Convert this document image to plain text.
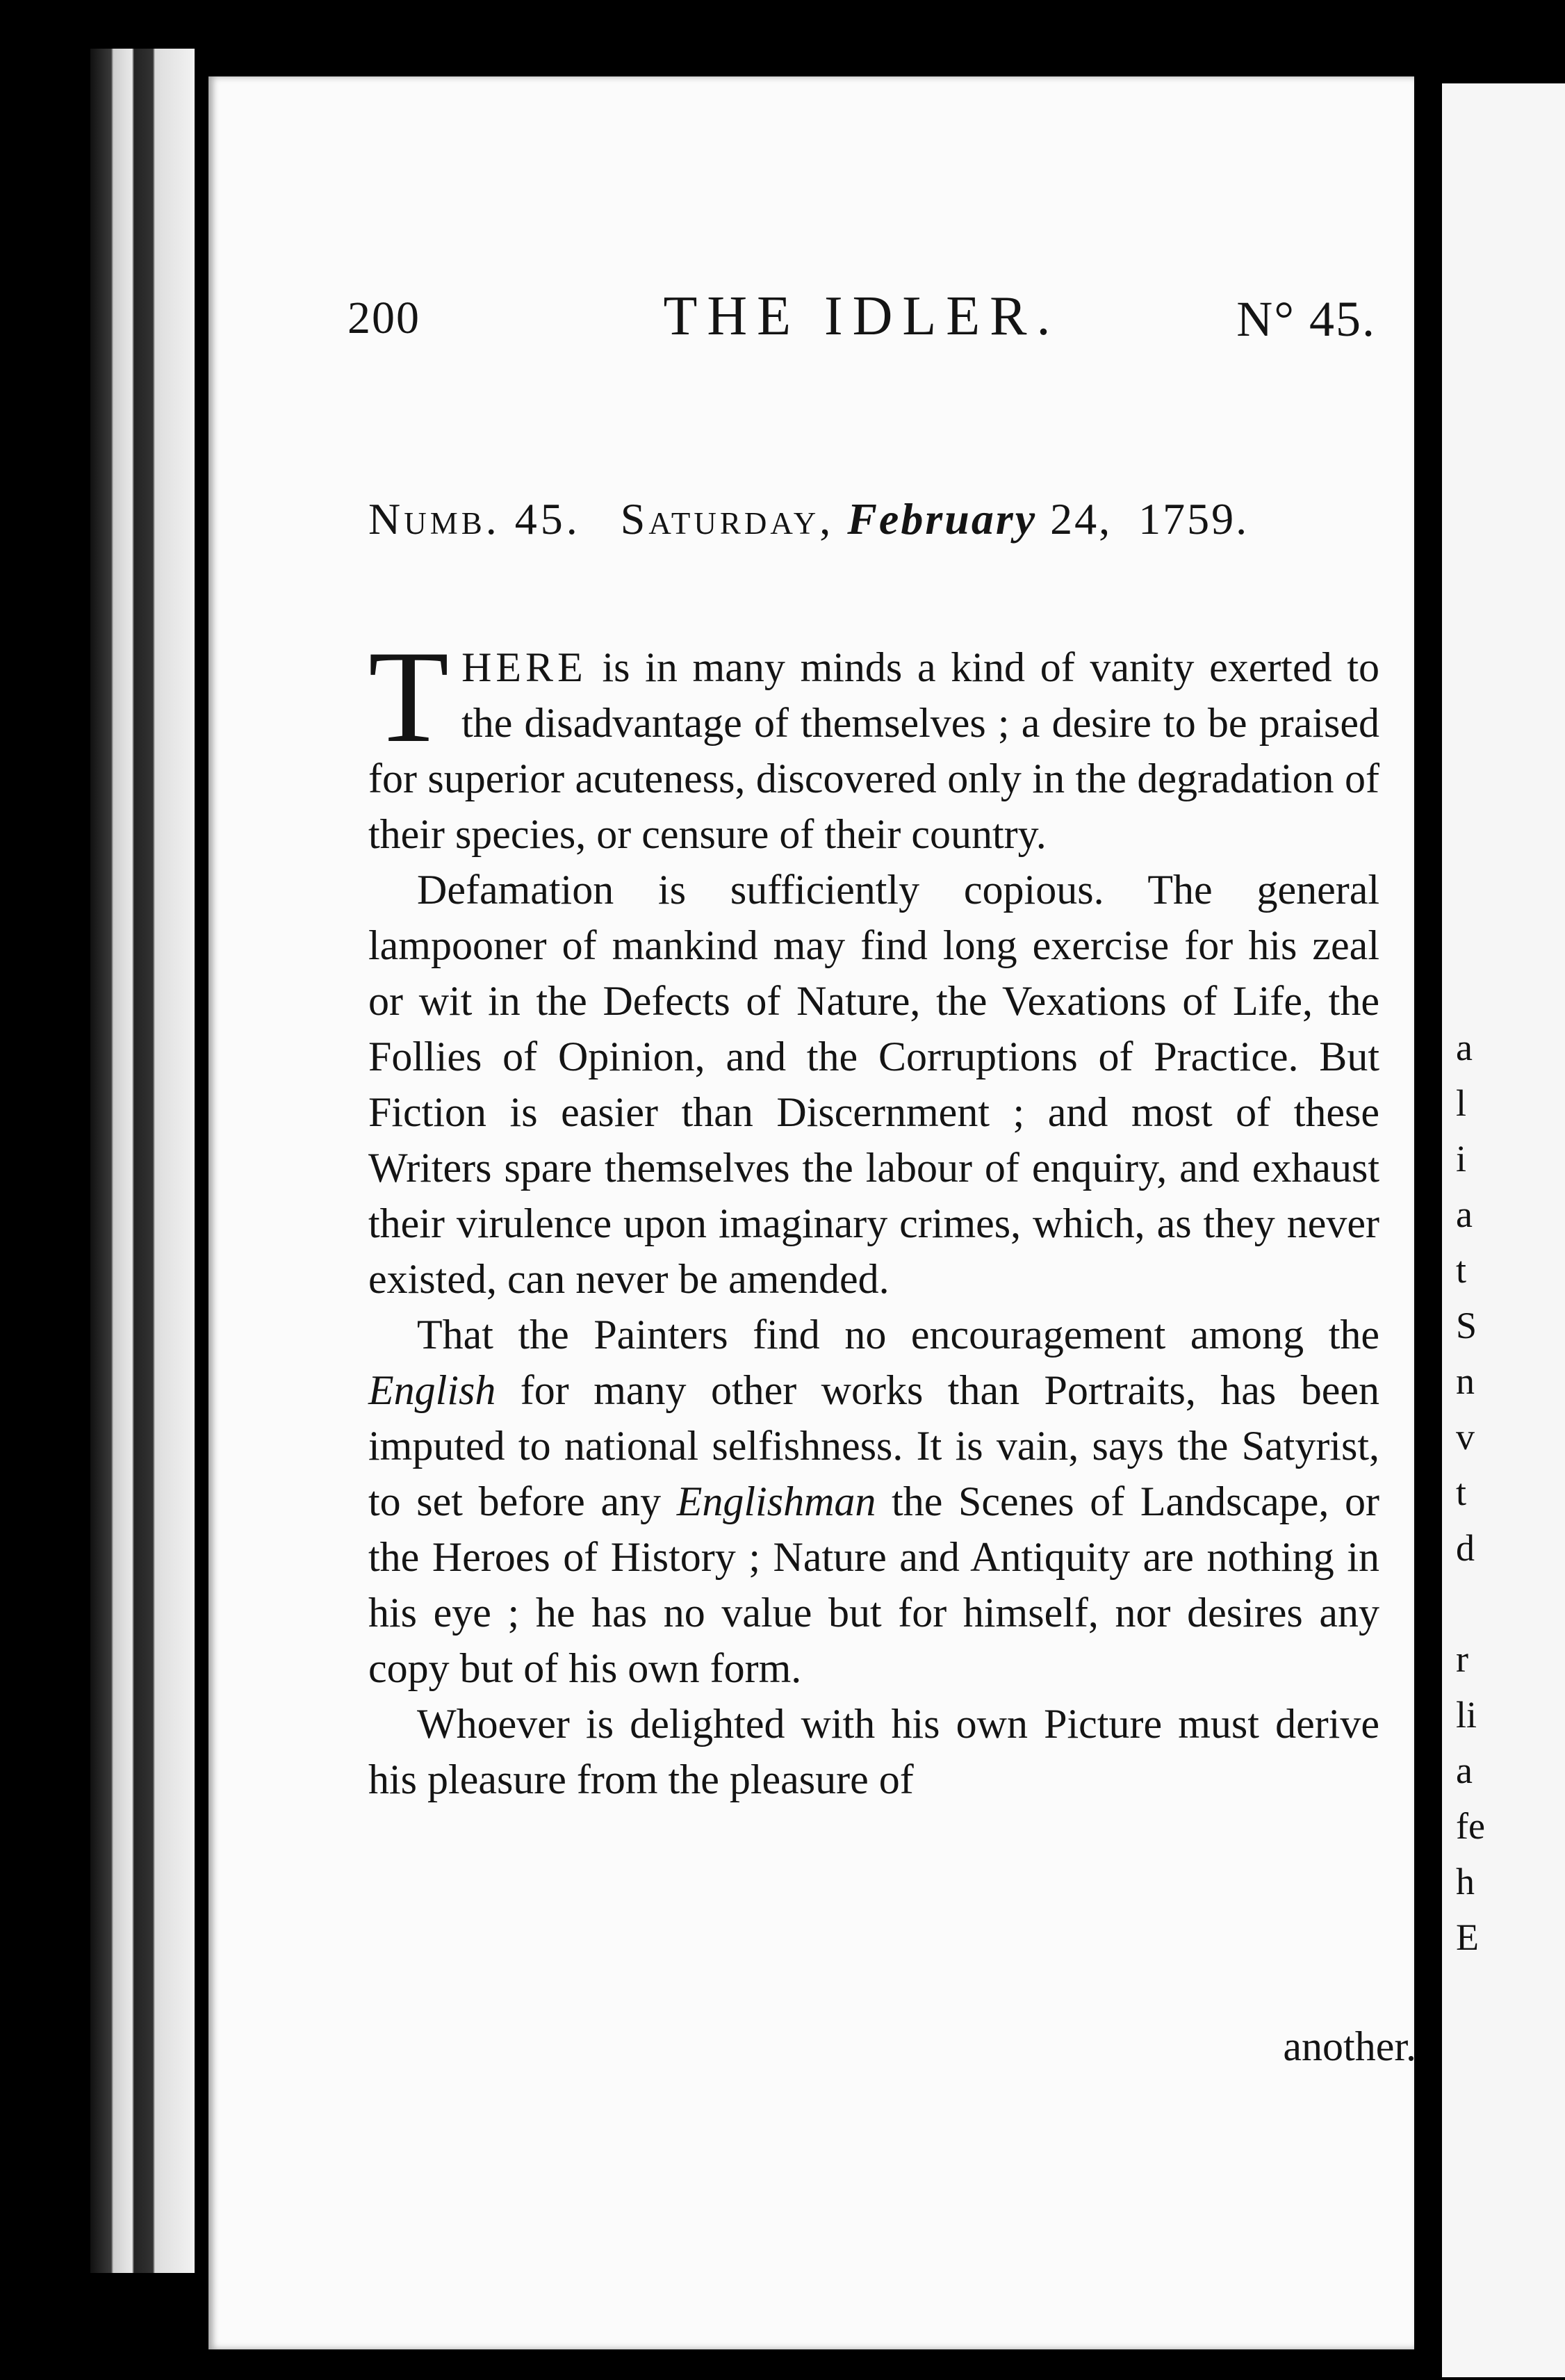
200	THE IDLER.	N° 45.
Numb. 45. Saturday, February 24, 1759.

T HERE is in many minds a kind of vanity exerted to the disadvantage of themselves ; a desire to be praised for superior acuteness, discovered only in the degradation of their species, or censure of their country.

Defamation is sufficiently copious. The general lampooner of mankind may find long exercise for his zeal or wit in the Defects of Nature, the Vexations of Life, the Follies of Opinion, and the Corruptions of Practice. But Fiction is easier than Discernment ; and most of these Writers spare themselves the labour of enquiry, and exhaust their virulence upon imaginary crimes, which, as they never existed, can never be amended.

That the Painters find no encouragement among the English for many other works than Portraits, has been imputed to national selfishness. It is vain, says the Satyrist, to set before any Englishman the Scenes of Landscape, or the Heroes of History ; Nature and Antiquity are nothing in his eye ; he has no value but for himself, nor desires any copy but of his own form.

Whoever is delighted with his own Picture must derive his pleasure from the pleasure of

another.
a
l
i
a
t
S
n
v
t
d
r
li
a
fe
h
E
